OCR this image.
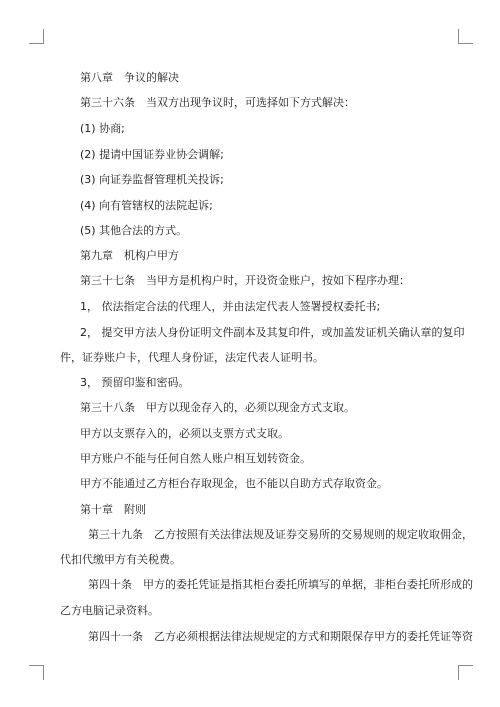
第八章　争议的解决
第三十六条　当双方出现争议时，可选择如下方式解决：
(1) 协商;
(2) 提请中国证券业协会调解;
(3) 向证券监督管理机关投诉;
(4) 向有管辖权的法院起诉;
(5) 其他合法的方式。
第九章　机构户甲方
第三十七条　当甲方是机构户时，开设资金账户，按如下程序办理：
1， 依法指定合法的代理人，并由法定代表人签署授权委托书;
2， 提交甲方法人身份证明文件副本及其复印件，或加盖发证机关确认章的复印
件，证券账户卡，代理人身份证，法定代表人证明书。
3， 预留印鉴和密码。
第三十八条　甲方以现金存入的，必须以现金方式支取。
甲方以支票存入的，必须以支票方式支取。
甲方账户不能与任何自然人账户相互划转资金。
甲方不能通过乙方柜台存取现金，也不能以自助方式存取资金。
第十章　附则
第三十九条　乙方按照有关法律法规及证券交易所的交易规则的规定收取佣金，
代扣代缴甲方有关税费。
第四十条　甲方的委托凭证是指其柜台委托所填写的单据，非柜台委托所形成的
乙方电脑记录资料。
第四十一条　乙方必须根据法律法规规定的方式和期限保存甲方的委托凭证等资
